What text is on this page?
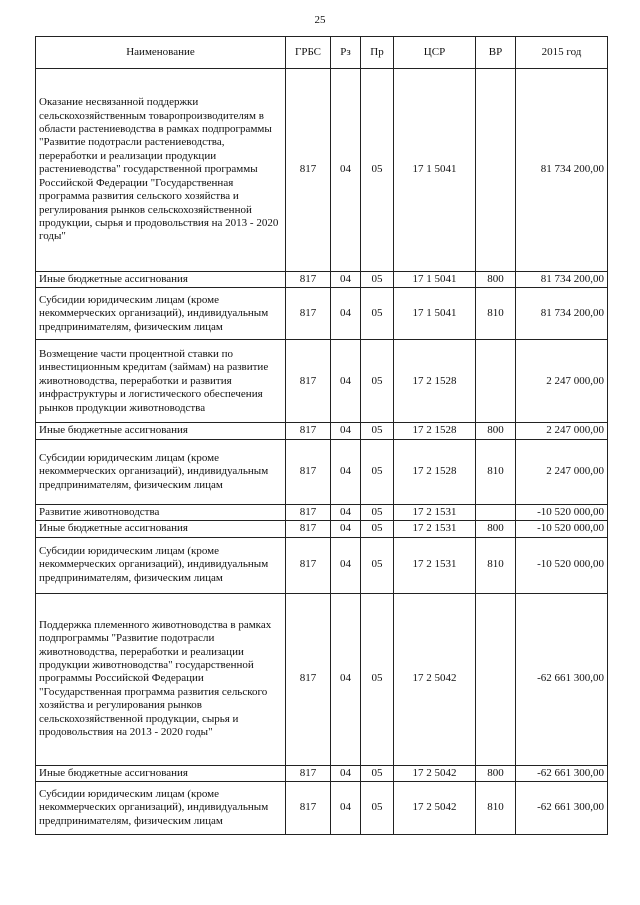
25
Наименование	ГРБС	Рз	Пр	ЦСР	ВР	2015 год
Оказание несвязанной поддержки сельскохозяйственным товаропроизводителям в области растениеводства в рамках подпрограммы "Развитие подотрасли растениеводства, переработки и реализации продукции растениеводства" государственной программы Российской Федерации "Государственная программа развития сельского хозяйства и регулирования рынков сельскохозяйственной продукции, сырья и продовольствия на 2013 - 2020 годы"	817	04	05	17 1 5041		81 734 200,00
Иные бюджетные ассигнования	817	04	05	17 1 5041	800	81 734 200,00
Субсидии юридическим лицам (кроме некоммерческих организаций), индивидуальным предпринимателям, физическим лицам	817	04	05	17 1 5041	810	81 734 200,00
Возмещение части процентной ставки по инвестиционным кредитам (займам) на развитие животноводства, переработки и развития инфраструктуры и логистического обеспечения рынков продукции животноводства	817	04	05	17 2 1528		2 247 000,00
Иные бюджетные ассигнования	817	04	05	17 2 1528	800	2 247 000,00
Субсидии юридическим лицам (кроме некоммерческих организаций), индивидуальным предпринимателям, физическим лицам	817	04	05	17 2 1528	810	2 247 000,00
Развитие животноводства	817	04	05	17 2 1531		-10 520 000,00
Иные бюджетные ассигнования	817	04	05	17 2 1531	800	-10 520 000,00
Субсидии юридическим лицам (кроме некоммерческих организаций), индивидуальным предпринимателям, физическим лицам	817	04	05	17 2 1531	810	-10 520 000,00
Поддержка племенного животноводства в рамках подпрограммы "Развитие подотрасли животноводства, переработки и реализации продукции животноводства" государственной программы Российской Федерации "Государственная программа развития сельского хозяйства и регулирования рынков сельскохозяйственной продукции, сырья и продовольствия на 2013 - 2020 годы"	817	04	05	17 2 5042		-62 661 300,00
Иные бюджетные ассигнования	817	04	05	17 2 5042	800	-62 661 300,00
Субсидии юридическим лицам (кроме некоммерческих организаций), индивидуальным предпринимателям, физическим лицам	817	04	05	17 2 5042	810	-62 661 300,00
